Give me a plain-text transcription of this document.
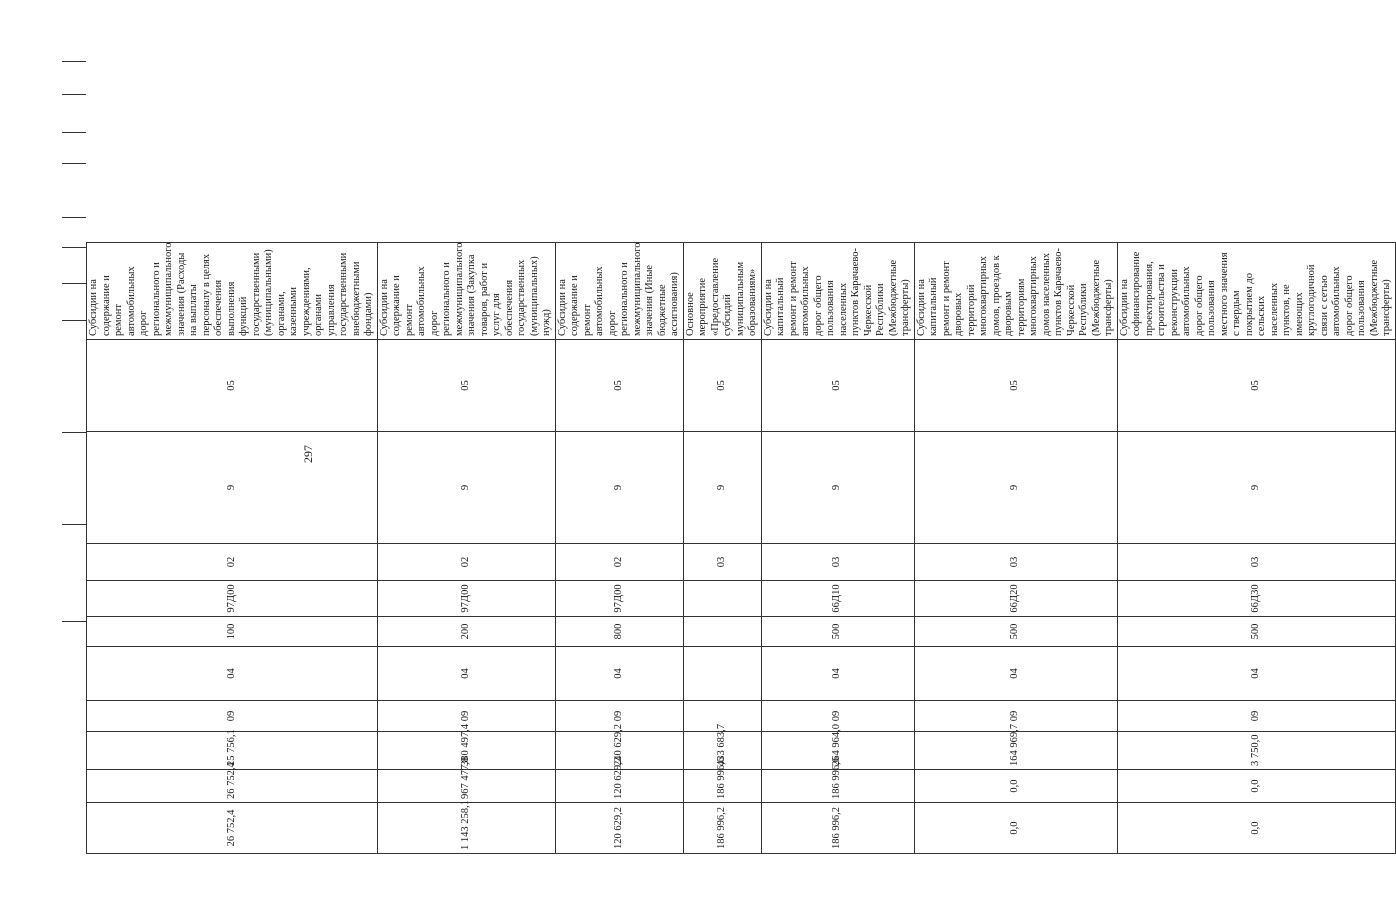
297
26 752,4	26 752,4	25 756,1	09	04	100	97Д00	02	9	05	Субсидии на содержание и ремонт автомобильных дорог регионального и межмуниципального значения (Расходы на выплаты персоналу в целях обеспечения выполнения функций государственными (муниципальными) органами, казенными учреждениями, органами управления государственными внебюджетными фондами)
1 143 258,1	967 477,8	380 497,4	09	04	200	97Д00	02	9	05	Субсидии на содержание и ремонт автомобильных дорог регионального и межмуниципального значения (Закупка товаров, работ и услуг для обеспечения государственных (муниципальных) нужд)
120 629,2	120 629,2	240 629,2	09	04	800	97Д00	02	9	05	Субсидии на содержание и ремонт автомобильных дорог регионального и межмуниципального значения (Иные бюджетные ассигнования)
186 996,2	186 996,6	433 683,7					03	9	05	Основное мероприятие «Предоставление субсидий муниципальным образованиям»
186 996,2	186 996,6	264 964,0	09	04	500	66Д10	03	9	05	Субсидии на капитальный ремонт и ремонт автомобильных дорог общего пользования населенных пунктов Карачаево-Черкесской Республики (Межбюджетные трансферты)
0,0	0,0	164 969,7	09	04	500	66Д20	03	9	05	Субсидии на капитальный ремонт и ремонт дворовых территорий многоквартирных домов, проездов к дворовым территориям многоквартирных домов населенных пунктов Карачаево-Черкесской Республики (Межбюджетные трансферты)
0,0	0,0	3 750,0	09	04	500	66Д30	03	9	05	Субсидии на софинансирование проектирования, строительства и реконструкции автомобильных дорог общего пользования местного значения с твердым покрытием до сельских населенных пунктов, не имеющих круглогодичной связи с сетью автомобильных дорог общего пользования (Межбюджетные трансферты)
